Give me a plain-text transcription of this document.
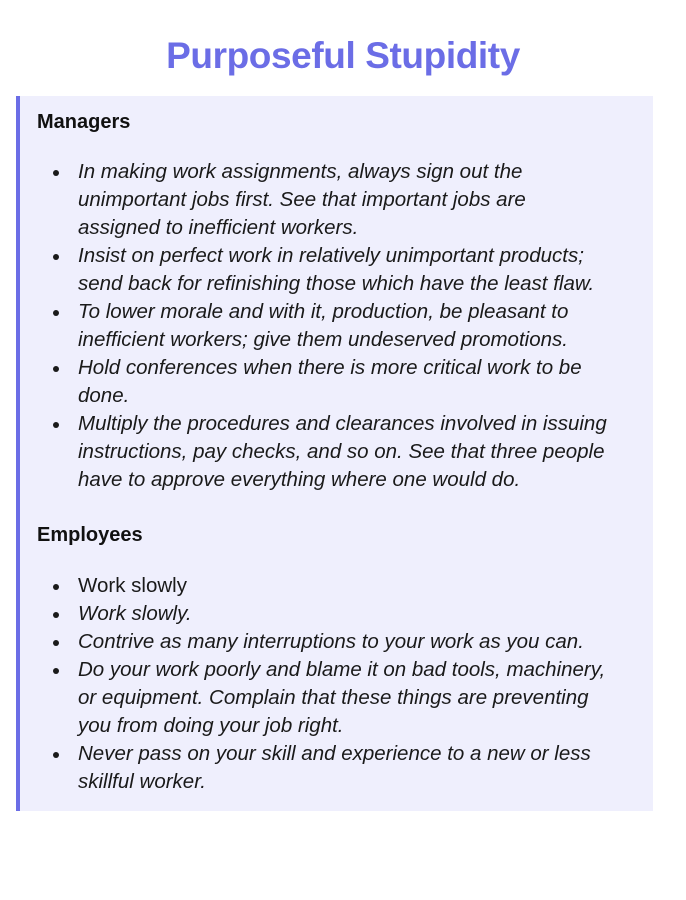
Purposeful Stupidity
Managers
In making work assignments, always sign out the unimportant jobs first. See that important jobs are assigned to inefficient workers.
Insist on perfect work in relatively unimportant products; send back for refinishing those which have the least flaw.
To lower morale and with it, production, be pleasant to inefficient workers; give them undeserved promotions.
Hold conferences when there is more critical work to be done.
Multiply the procedures and clearances involved in issuing instructions, pay checks, and so on. See that three people have to approve everything where one would do.
Employees
Work slowly
Work slowly.
Contrive as many interruptions to your work as you can.
Do your work poorly and blame it on bad tools, machinery, or equipment. Complain that these things are preventing you from doing your job right.
Never pass on your skill and experience to a new or less skillful worker.
